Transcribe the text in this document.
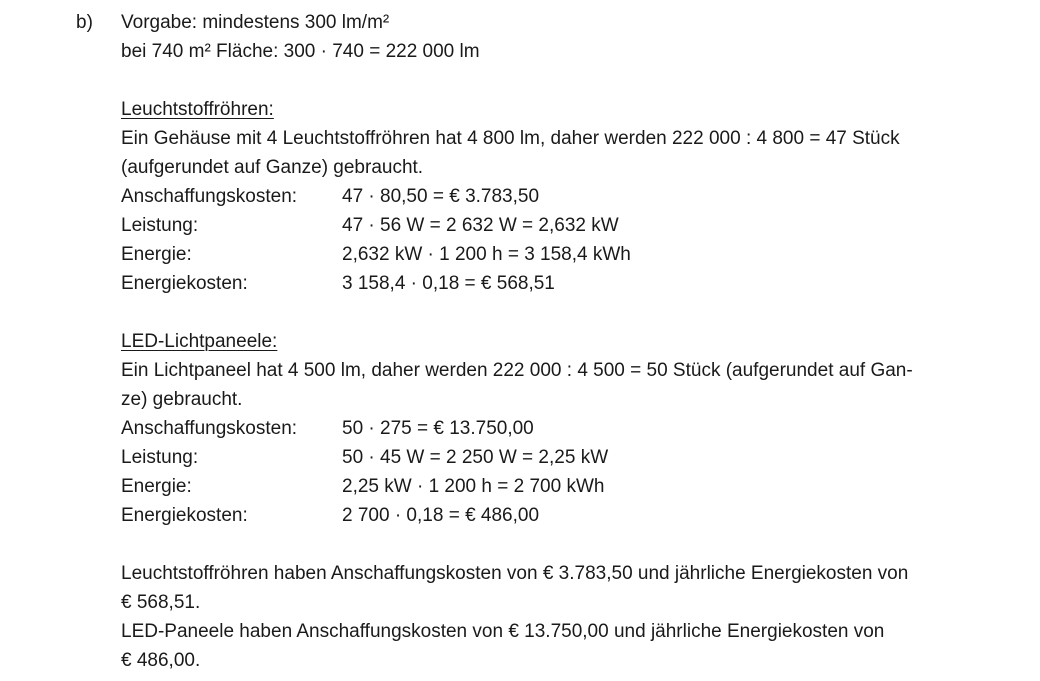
b) Vorgabe: mindestens 300 lm/m²
bei 740 m² Fläche: 300 · 740 = 222 000 lm
Leuchtstoffröhren:
Ein Gehäuse mit 4 Leuchtstoffröhren hat 4 800 lm, daher werden 222 000 : 4 800 = 47 Stück
(aufgerundet auf Ganze) gebraucht.
Anschaffungskosten:	47 · 80,50 = € 3.783,50
Leistung:	47 · 56 W = 2 632 W = 2,632 kW
Energie:	2,632 kW · 1 200 h = 3 158,4 kWh
Energiekosten:	3 158,4 · 0,18 = € 568,51
LED-Lichtpaneele:
Ein Lichtpaneel hat 4 500 lm, daher werden 222 000 : 4 500 = 50 Stück (aufgerundet auf Gan-
ze) gebraucht.
Anschaffungskosten:	50 · 275 = € 13.750,00
Leistung:	50 · 45 W = 2 250 W = 2,25 kW
Energie:	2,25 kW · 1 200 h = 2 700 kWh
Energiekosten:	2 700 · 0,18 = € 486,00
Leuchtstoffröhren haben Anschaffungskosten von € 3.783,50 und jährliche Energiekosten von
€ 568,51.
LED-Paneele haben Anschaffungskosten von € 13.750,00 und jährliche Energiekosten von
€ 486,00.
